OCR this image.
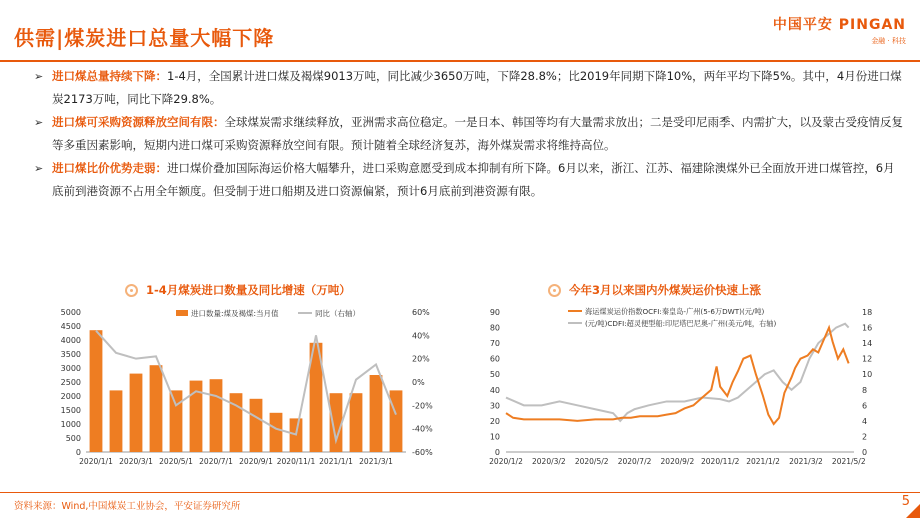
供需|煤炭进口总量大幅下降
中国平安 PINGAN
金融 · 科技
➢ 进口煤总量持续下降：1-4月，全国累计进口煤及褐煤9013万吨，同比减少3650万吨，下降28.8%；比2019年同期下降10%，两年平均下降5%。其中，4月份进口煤炭2173万吨，同比下降29.8%。
➢ 进口煤可采购资源释放空间有限：全球煤炭需求继续释放，亚洲需求高位稳定。一是日本、韩国等均有大量需求放出；二是受印尼雨季、内需扩大，以及蒙古受疫情反复等多重因素影响，短期内进口煤可采购资源释放空间有限。预计随着全球经济复苏，海外煤炭需求将维持高位。
➢ 进口煤比价优势走弱：进口煤价叠加国际海运价格大幅攀升，进口采购意愿受到成本抑制有所下降。6月以来，浙江、江苏、福建除澳煤外已全面放开进口煤管控，6月底前到港资源不占用全年额度。但受制于进口船期及进口资源偏紧，预计6月底前到港资源有限。
1-4月煤炭进口数量及同比增速（万吨）	今年3月以来国内外煤炭运价快速上涨
0
500
1000
1500
2000
2500
3000
3500
4000
4500
5000
-60%
-40%
-20%
0%
20%
40%
60%
2020/1/1 2020/3/1 2020/5/1 2020/7/1 2020/9/1 2020/11/1 2021/1/1 2021/3/1
进口数量:煤及褐煤:当月值	同比（右轴）
0
10
20
30
40
50
60
70
80
90
0
2
4
6
8
10
12
14
16
18
2020/1/2 2020/3/2 2020/5/2 2020/7/2 2020/9/2 2020/11/2 2021/1/2 2021/3/2 2021/5/2
海运煤炭运价指数OCFI:秦皇岛-广州(5-6万DWT)(元/吨)
(元/吨)CDFI:超灵便型船:印尼塔巴尼奥-广州(美元/吨，右轴)
资料来源：Wind,中国煤炭工业协会，平安证券研究所	5
